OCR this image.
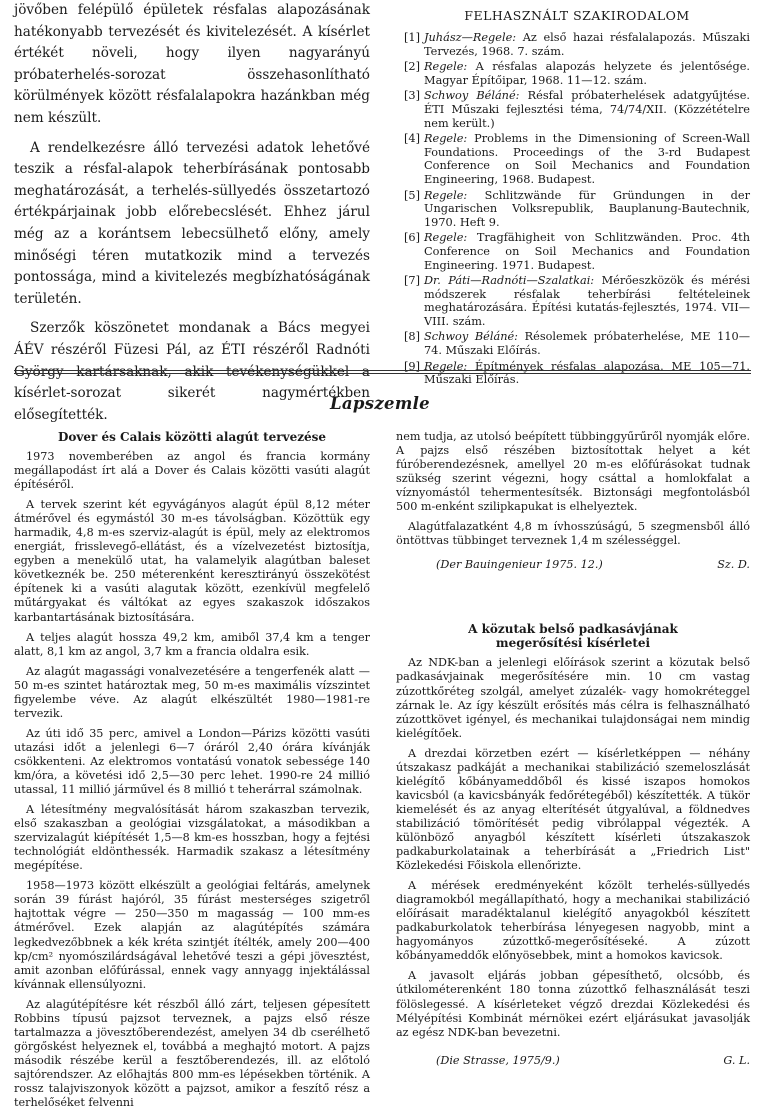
jövőben felépülő épületek résfalas alapozásának hatékonyabb tervezését és kivitelezését. A kísérlet értékét növeli, hogy ilyen nagyarányú próbaterhelés-sorozat összehasonlítható körülmények között résfalalapokra hazánkban még nem készült.

A rendelkezésre álló tervezési adatok lehetővé teszik a résfal-alapok teherbírásának pontosabb meghatározását, a terhelés-süllyedés összetartozó értékpárjainak jobb előrebecslését. Ehhez járul még az a korántsem lebecsülhető előny, amely minőségi téren mutatkozik mind a tervezés pontossága, mind a kivitelezés megbízhatóságának területén.

Szerzők köszönetet mondanak a Bács megyei ÁÉV részéről Füzesi Pál, az ÉTI részéről Radnóti György kartársaknak, akik tevékenységükkel a kísérlet-sorozat sikerét nagymértékben elősegítették.

FELHASZNÁLT SZAKIRODALOM
[1] Juhász—Regele: Az első hazai résfalalapozás. Műszaki Tervezés, 1968. 7. szám.
[2] Regele: A résfalas alapozás helyzete és jelentősége. Magyar Építőipar, 1968. 11—12. szám.
[3] Schwoy Béláné: Résfal próbaterhelések adatgyűjtése. ÉTI Műszaki fejlesztési téma, 74/74/XII. (Közzétételre nem került.)
[4] Regele: Problems in the Dimensioning of Screen-Wall Foundations. Proceedings of the 3-rd Budapest Conference on Soil Mechanics and Foundation Engineering, 1968. Budapest.
[5] Regele: Schlitzwände für Gründungen in der Ungarischen Volksrepublik, Bauplanung-Bautechnik, 1970. Heft 9.
[6] Regele: Tragfähigheit von Schlitzwänden. Proc. 4th Conference on Soil Mechanics and Foundation Engineering. 1971. Budapest.
[7] Dr. Páti—Radnóti—Szalatkai: Mérőeszközök és mérési módszerek résfalak teherbírási feltételeinek meghatározására. Építési kutatás-fejlesztés, 1974. VII—VIII. szám.
[8] Schwoy Béláné: Résolemek próbaterhelése, ME 110—74. Műszaki Előírás.
[9] Regele: Építmények résfalas alapozása. ME 105—71. Műszaki Előírás.
Lapszemle
Dover és Calais közötti alagút tervezése

1973 novemberében az angol és francia kormány megállapodást írt alá a Dover és Calais közötti vasúti alagút építéséről.

A tervek szerint két egyvágányos alagút épül 8,12 méter átmérővel és egymástól 30 m-es távolságban. Közöttük egy harmadik, 4,8 m-es szerviz-alagút is épül, mely az elektromos energiát, frisslevegő-ellátást, és a vízelvezetést biztosítja, egyben a menekülő utat, ha valamelyik alagútban baleset következnék be. 250 méterenként keresztirányú összekötést építenek ki a vasúti alagutak között, ezenkívül megfelelő műtárgyakat és váltókat az egyes szakaszok időszakos karbantartásának biztosítására.

A teljes alagút hossza 49,2 km, amiből 37,4 km a tenger alatt, 8,1 km az angol, 3,7 km a francia oldalra esik.

Az alagút magassági vonalvezetésére a tengerfenék alatt —50 m-es szintet határoztak meg, 50 m-es maximális vízszintet figyelembe véve. Az alagút elkészültét 1980—1981-re tervezik.

Az úti idő 35 perc, amivel a London—Párizs közötti vasúti utazási időt a jelenlegi 6—7 óráról 2,40 órára kívánják csökkenteni. Az elektromos vontatású vonatok sebessége 140 km/óra, a követési idő 2,5—30 perc lehet. 1990-re 24 millió utassal, 11 millió járművel és 8 millió t teherárral számolnak.

A létesítmény megvalósítását három szakaszban tervezik, első szakaszban a geológiai vizsgálatokat, a másodikban a szervizalagút kiépítését 1,5—8 km-es hosszban, hogy a fejtési technológiát eldönthessék. Harmadik szakasz a létesítmény megépítése.

1958—1973 között elkészült a geológiai feltárás, amelynek során 39 fúrást hajóról, 35 fúrást mesterséges szigetről hajtottak végre — 250—350 m magasság — 100 mm-es átmérővel. Ezek alapján az alagútépítés számára legkedvezőbbnek a kék kréta szintjét ítélték, amely 200—400 kp/cm² nyomószilárdságával lehetővé teszi a gépi jövesztést, amit azonban előfúrással, ennek vagy annyagg injektálással kívánnak ellensúlyozni.

Az alagútépítésre két részből álló zárt, teljesen gépesített Robbins típusú pajzsot terveznek, a pajzs első része tartalmazza a jövesztőberendezést, amelyen 34 db cserélhető görgőskést helyeznek el, továbbá a meghajtó motort. A pajzs második részébe kerül a fesztőberendezés, ill. az előtoló sajtórendszer. Az előhajtás 800 mm-es lépésekben történik. A rossz talajviszonyok között a pajzsot, amikor a feszítő rész a terhelőséket felvenni

nem tudja, az utolsó beépített tübbinggyűrűről nyomják előre. A pajzs első részében biztosítottak helyet a két fúróberendezésnek, amellyel 20 m-es előfúrásokat tudnak szükség szerint végezni, hogy csáttal a homlokfalat a víznyomástól tehermentesítsék. Biztonsági megfontolásból 500 m-enként szilipkapukat is elhelyeztek.

Alagútfalazatként 4,8 m ívhosszúságú, 5 szegmensből álló öntöttvas tübbinget terveznek 1,4 m szélességgel.

(Der Bauingenieur 1975. 12.)	Sz. D.
A közutak belső padkasávjának megerősítési kísérletei

Az NDK-ban a jelenlegi előírások szerint a közutak belső padkasávjainak megerősítésére min. 10 cm vastag zúzottkőréteg szolgál, amelyet zúzalék- vagy homokréteggel zárnak le. Az így készült erősítés más célra is felhasználható zúzottkövet igényel, és mechanikai tulajdonságai nem mindig kielégítőek.

A drezdai körzetben ezért — kísérletképpen — néhány útszakasz padkáját a mechanikai stabilizáció szemeloszlását kielégítő kőbányameddőből és kissé iszapos homokos kavicsból (a kavicsbányák fedőrétegéből) készítették. A tükör kiemelését és az anyag elterítését útgyalúval, a földnedves stabilizáció tömörítését pedig vibrólappal végezték. A különböző anyagból készített kísérleti útszakaszok padkaburkolatainak a teherbírását a „Friedrich List" Közlekedési Főiskola ellenőrizte.

A mérések eredményeként kőzölt terhelés-süllyedés diagramokból megállapítható, hogy a mechanikai stabilizáció előírásait maradéktalanul kielégítő anyagokból készített padkaburkolatok teherbírása lényegesen nagyobb, mint a hagyományos zúzottkő-megerősítéseké. A zúzott kőbányameddők előnyösebbek, mint a homokos kavicsok.

A javasolt eljárás jobban gépesíthető, olcsóbb, és útkilométerenként 180 tonna zúzottkő felhasználását teszi fölöslegessé. A kísérleteket végző drezdai Közlekedési és Mélyépítési Kombinát mérnökei ezért eljárásukat javasolják az egész NDK-ban bevezetni.

(Die Strasse, 1975/9.)	G. L.
